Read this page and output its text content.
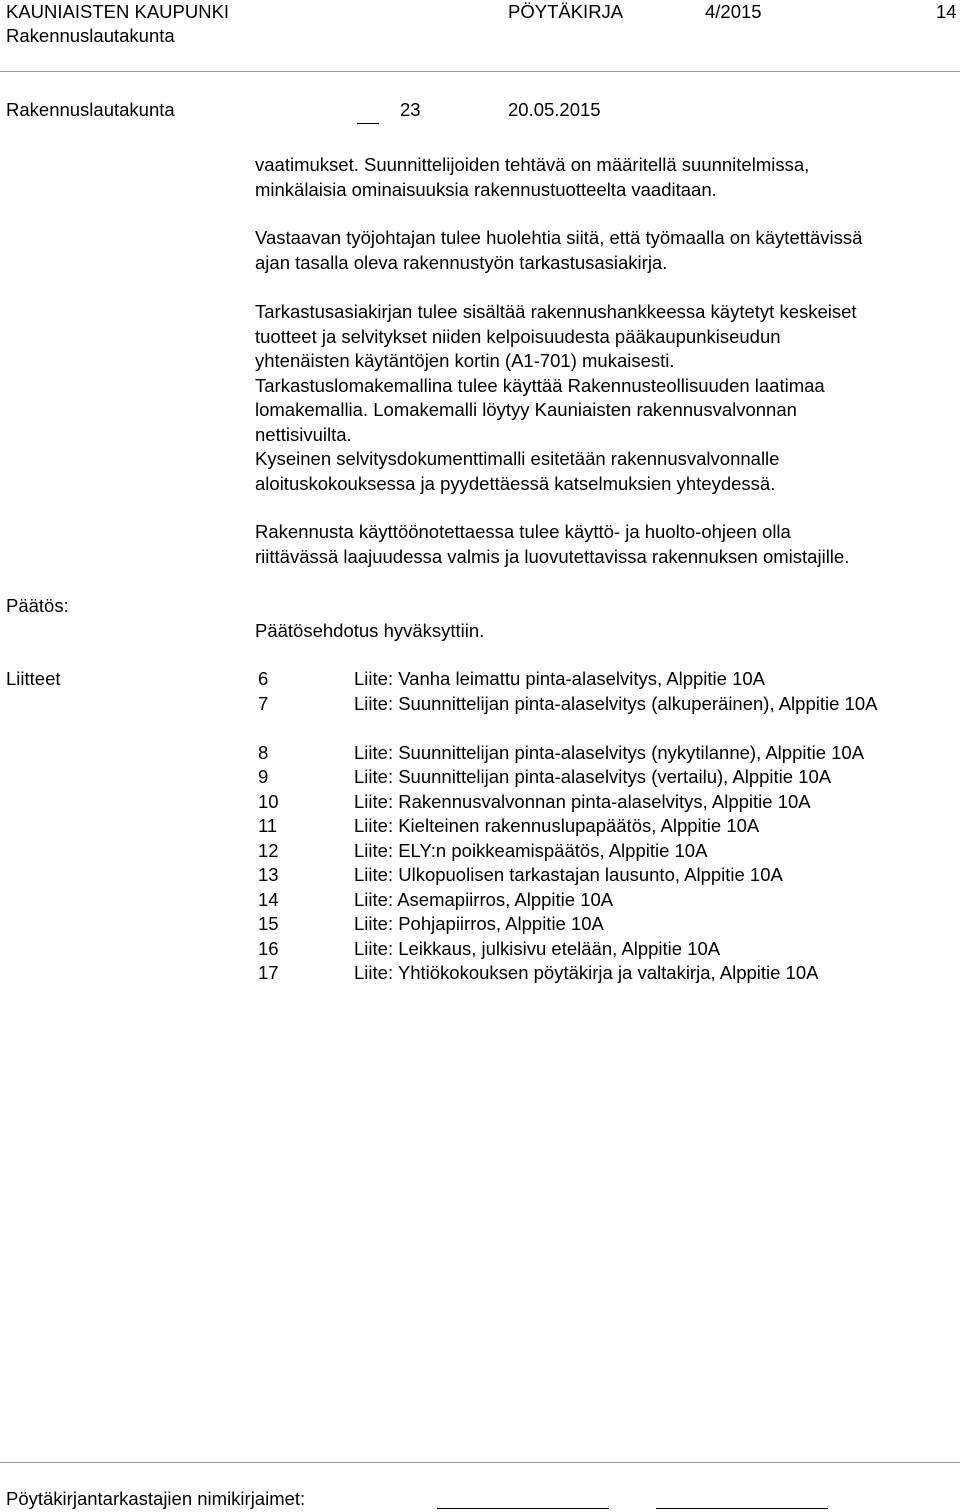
KAUNIAISTEN KAUPUNKI
Rakennuslautakunta
PÖYTÄKIRJA	4/2015	14
Rakennuslautakunta	23	20.05.2015
vaatimukset. Suunnittelijoiden tehtävä on määritellä suunnitelmissa,
minkälaisia ominaisuuksia rakennustuotteelta vaaditaan.
Vastaavan työjohtajan tulee huolehtia siitä, että työmaalla on käytettävissä
ajan tasalla oleva rakennustyön tarkastusasiakirja.
Tarkastusasiakirjan tulee sisältää rakennushankkeessa käytetyt keskeiset
tuotteet ja selvitykset niiden kelpoisuudesta pääkaupunkiseudun
yhtenäisten käytäntöjen kortin (A1-701) mukaisesti.
Tarkastuslomakemallina tulee käyttää Rakennusteollisuuden laatimaa
lomakemallia. Lomakemalli löytyy Kauniaisten rakennusvalvonnan
nettisivuilta.
Kyseinen selvitysdokumenttimalli esitetään rakennusvalvonnalle
aloituskokouksessa ja pyydettäessä katselmuksien yhteydessä.
Rakennusta käyttöönotettaessa tulee käyttö- ja huolto-ohjeen olla
riittävässä laajuudessa valmis ja luovutettavissa rakennuksen omistajille.
Päätös:
Päätösehdotus hyväksyttiin.
Liitteet	6	Liite: Vanha leimattu pinta-alaselvitys, Alppitie 10A
7	Liite: Suunnittelijan pinta-alaselvitys (alkuperäinen), Alppitie 10A
8	Liite: Suunnittelijan pinta-alaselvitys (nykytilanne), Alppitie 10A
9	Liite: Suunnittelijan pinta-alaselvitys (vertailu), Alppitie 10A
10	Liite: Rakennusvalvonnan pinta-alaselvitys, Alppitie 10A
11	Liite: Kielteinen rakennuslupapäätös, Alppitie 10A
12	Liite: ELY:n poikkeamispäätös, Alppitie 10A
13	Liite: Ulkopuolisen tarkastajan lausunto, Alppitie 10A
14	Liite: Asemapiirros, Alppitie 10A
15	Liite: Pohjapiirros, Alppitie 10A
16	Liite: Leikkaus, julkisivu etelään, Alppitie 10A
17	Liite: Yhtiökokouksen pöytäkirja ja valtakirja, Alppitie 10A
Pöytäkirjantarkastajien nimikirjaimet:
